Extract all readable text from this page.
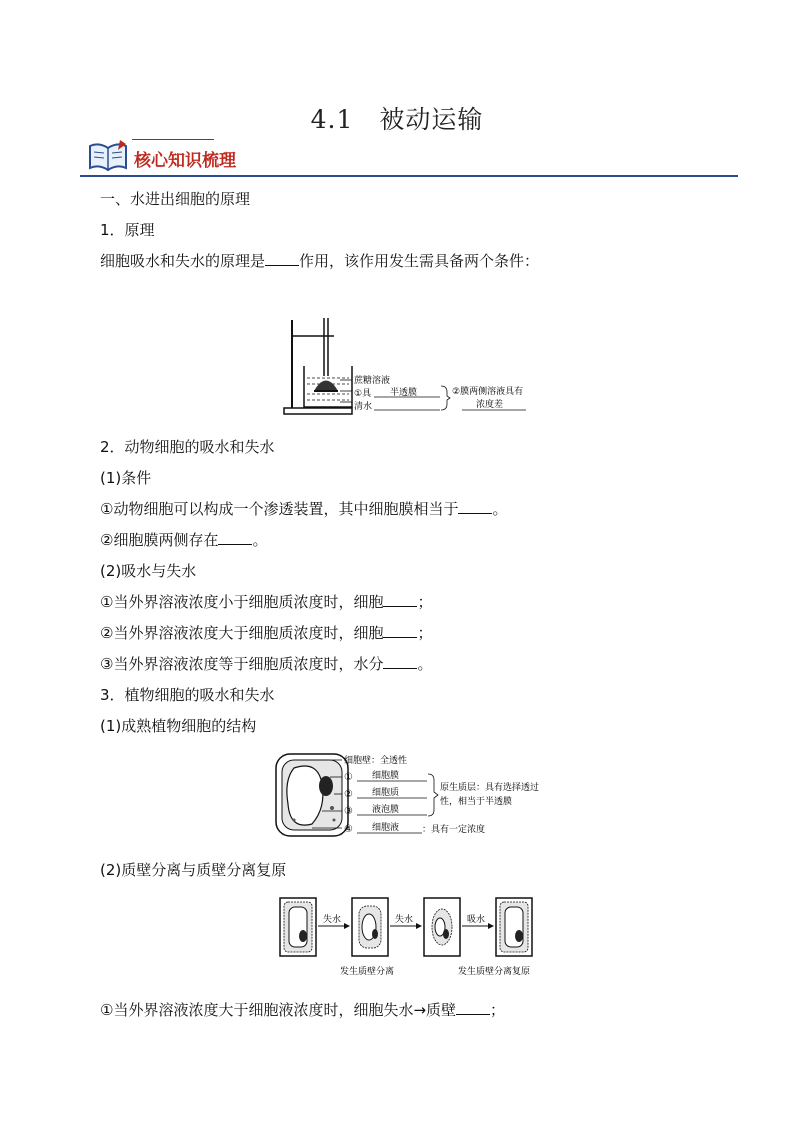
4.1　被动运输
核心知识梳理
一、水进出细胞的原理
1．原理
细胞吸水和失水的原理是 作用，该作用发生需具备两个条件：
蔗糖溶液
①具 半透膜
清水
②膜两侧溶液具有
浓度差
2．动物细胞的吸水和失水
(1)条件
①动物细胞可以构成一个渗透装置，其中细胞膜相当于 。
②细胞膜两侧存在 。
(2)吸水与失水
①当外界溶液浓度小于细胞质浓度时，细胞 ；
②当外界溶液浓度大于细胞质浓度时，细胞 ；
③当外界溶液浓度等于细胞质浓度时，水分 。
3．植物细胞的吸水和失水
(1)成熟植物细胞的结构
细胞壁：全透性
① 细胞膜
② 细胞质
③ 液泡膜
原生质层：具有选择透过
性，相当于半透膜
④ 细胞液	：具有一定浓度
(2)质壁分离与质壁分离复原
失水	失水	吸水
发生质壁分离	发生质壁分离复原
①当外界溶液浓度大于细胞液浓度时，细胞失水→质壁 ；
